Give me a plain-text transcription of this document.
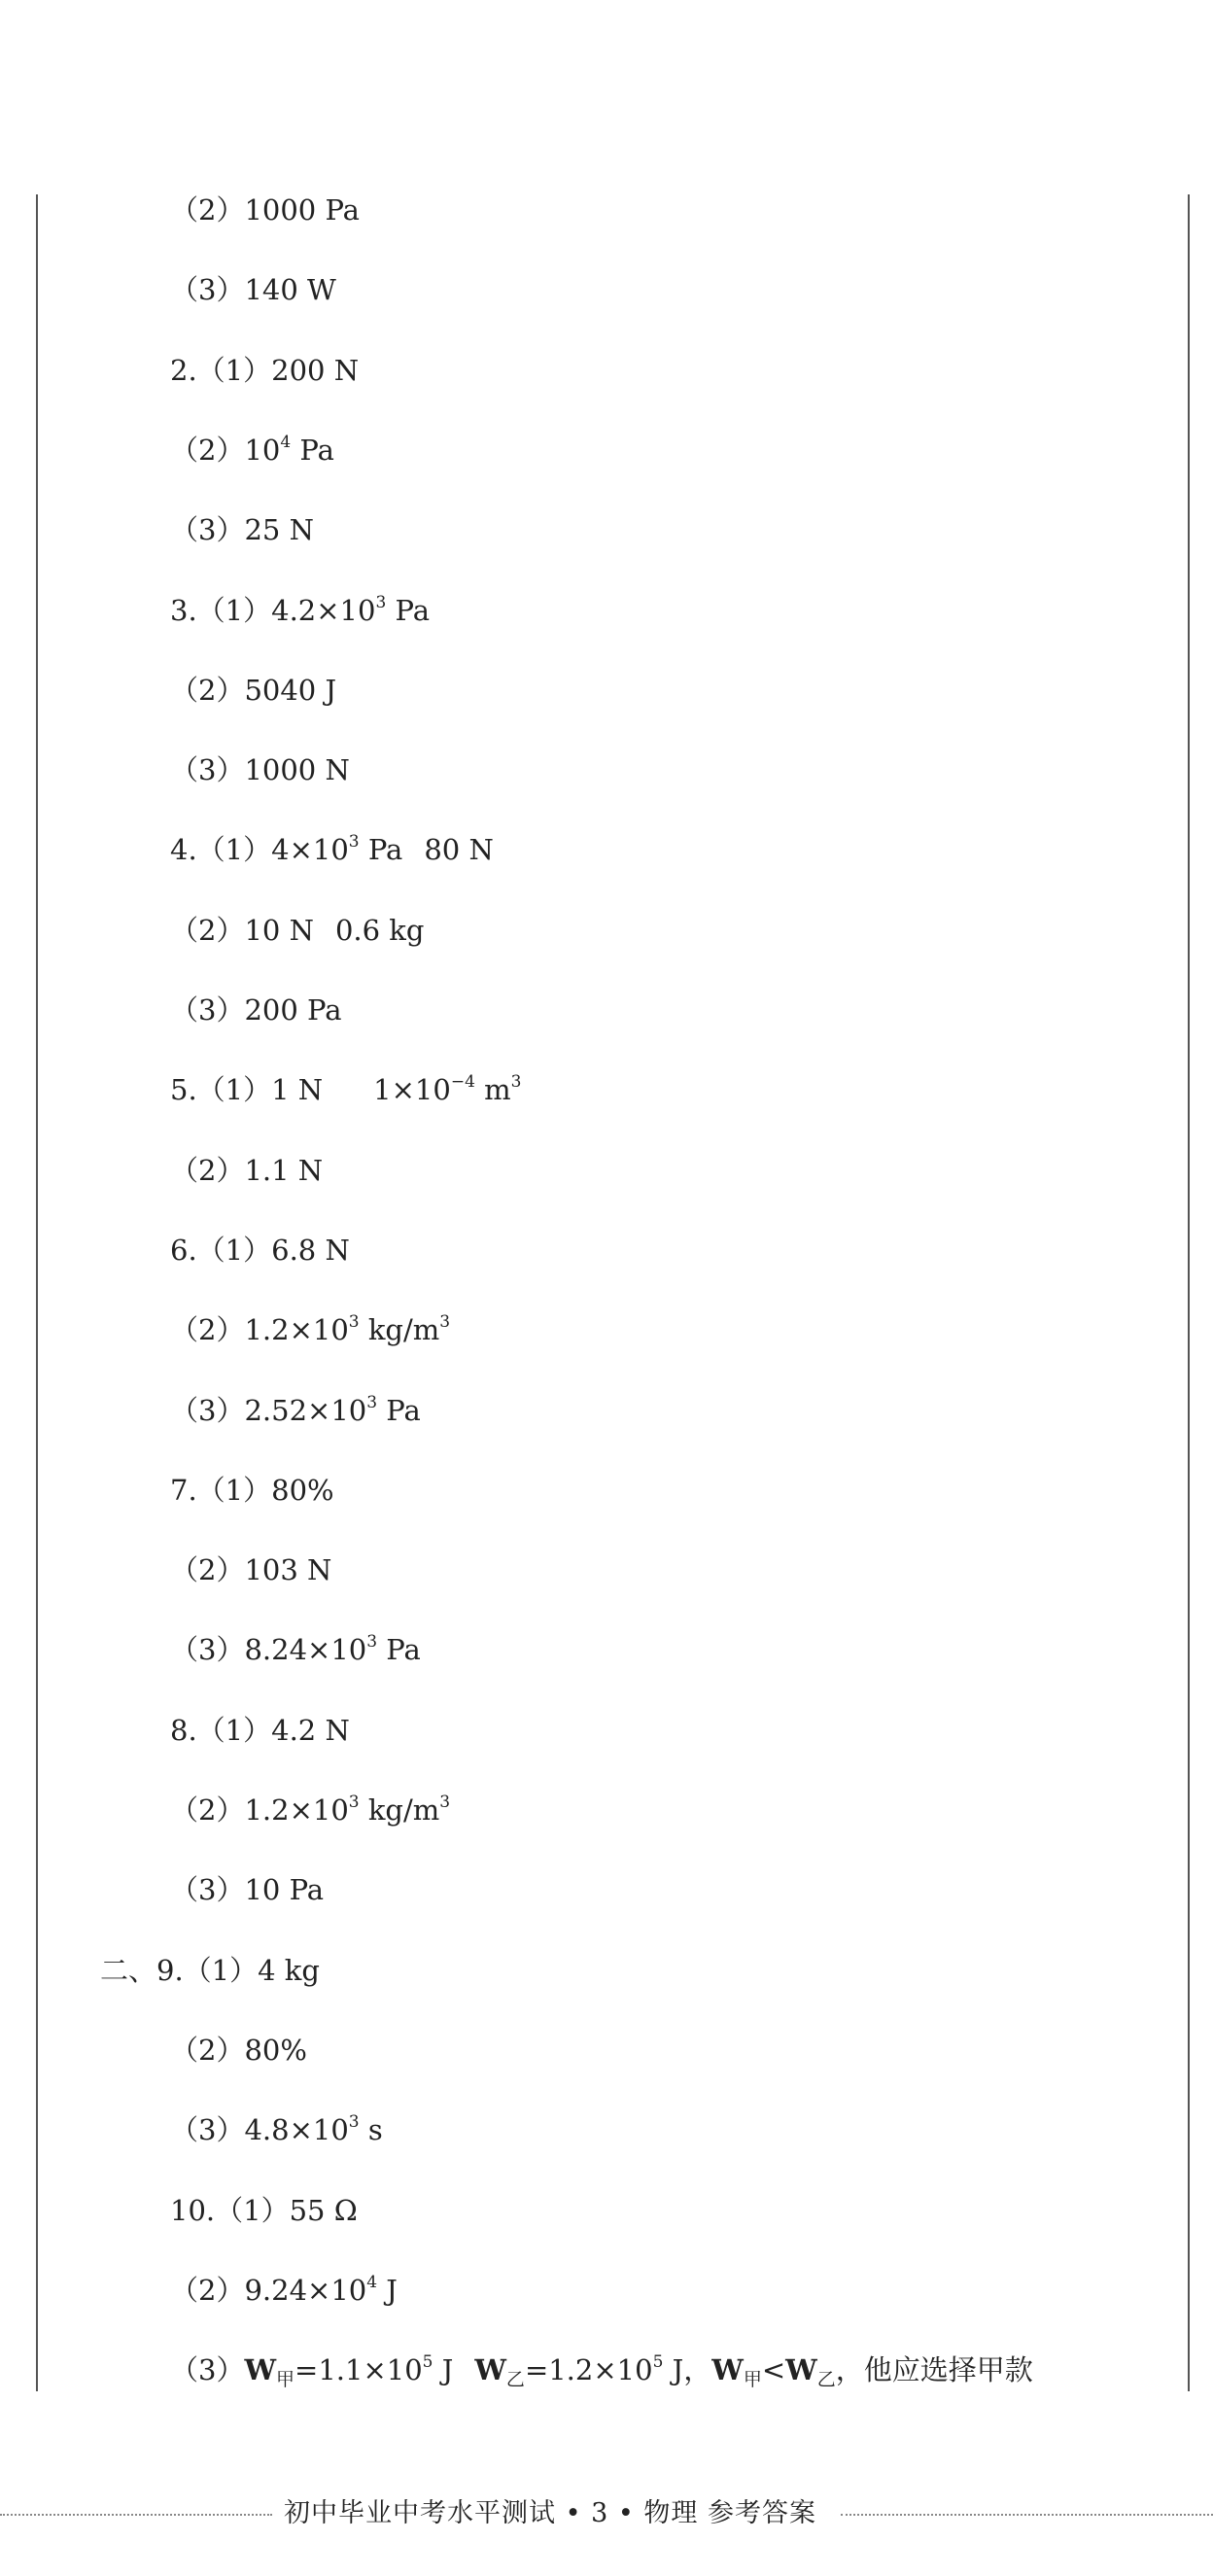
（2）1000 Pa
（3）140 W
2.（1）200 N
$(2)10^4$ Pa
（3）25 N
$3.(1)4.2\times 10^3$ Pa
（2）5040 J
（3）1000 N
$4.(1)4\times 10^3$ Pa 80 N
（2）10 N 0.6 kg
（3）200 Pa
5.（1）1 N $1\times 10^{-4}$ $m^3$
（2）1.1 N
6.（1）6.8 N
$(2)1.2\times 10^3$ $kg/m^3$
$(3)2.52\times 10^3$ Pa
7.（1）80%
（2）103 N
$(3)8.24\times 10^3$ Pa
8.（1）4.2 N
$(2)1.2\times 10^3$ $kg/m^3$
（3）10 Pa
二、9.（1）4 kg
（2）80%
$(3)4.8\times 10^3$ s
10.（1）55 Ω
$(2)9.24\times 10^4$ J
$(3)W_甲=1.1\times 10^5$ J $W_乙=1.2\times 10^5$ J，$W_甲<W_乙$，他应选择甲款
初中毕业中考水平测试 • 3 • 物理 参考答案
